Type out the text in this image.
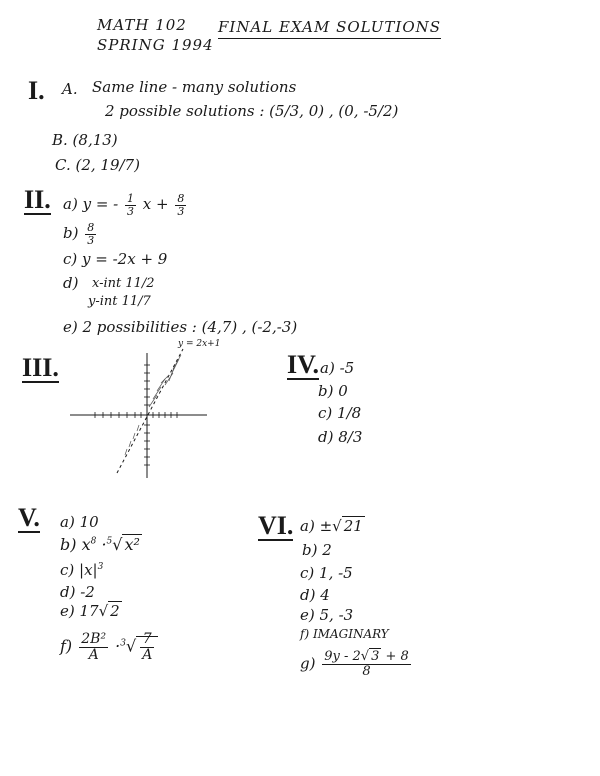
MATH 102
SPRING 1994
FINAL EXAM SOLUTIONS
I. A. Same line - many solutions
2 possible solutions : (5/3, 0) , (0, -5/2)
B. (8,13)
C. (2, 19/7)
II. a) y = - $\frac{1}{3}$ $x + \frac{8}{3}$
$b) \frac{8}{3}$
c) y = -2x + 9
d) x-int 11/2
y-int 11/7
e) 2 possibilities : (4,7) , (-2,-3)
III.
y = 2x+1
IV. a) -5
b) 0
c) 1/8
d) 8/3
V. a) 10
b) $x^8 \cdot^5√$ x²
c) $|x|^3$
d) -2
e) 17√ 2
$f) \frac{\text{2B²}}{A} \cdot^3√ \frac{7}{A}$
VI. a) ±√ 21
b) 2
c) 1, -5
d) 4
e) 5, -3
f) IMAGINARY
$g) \frac{9y - 2√ 3 + 8}{8}$
